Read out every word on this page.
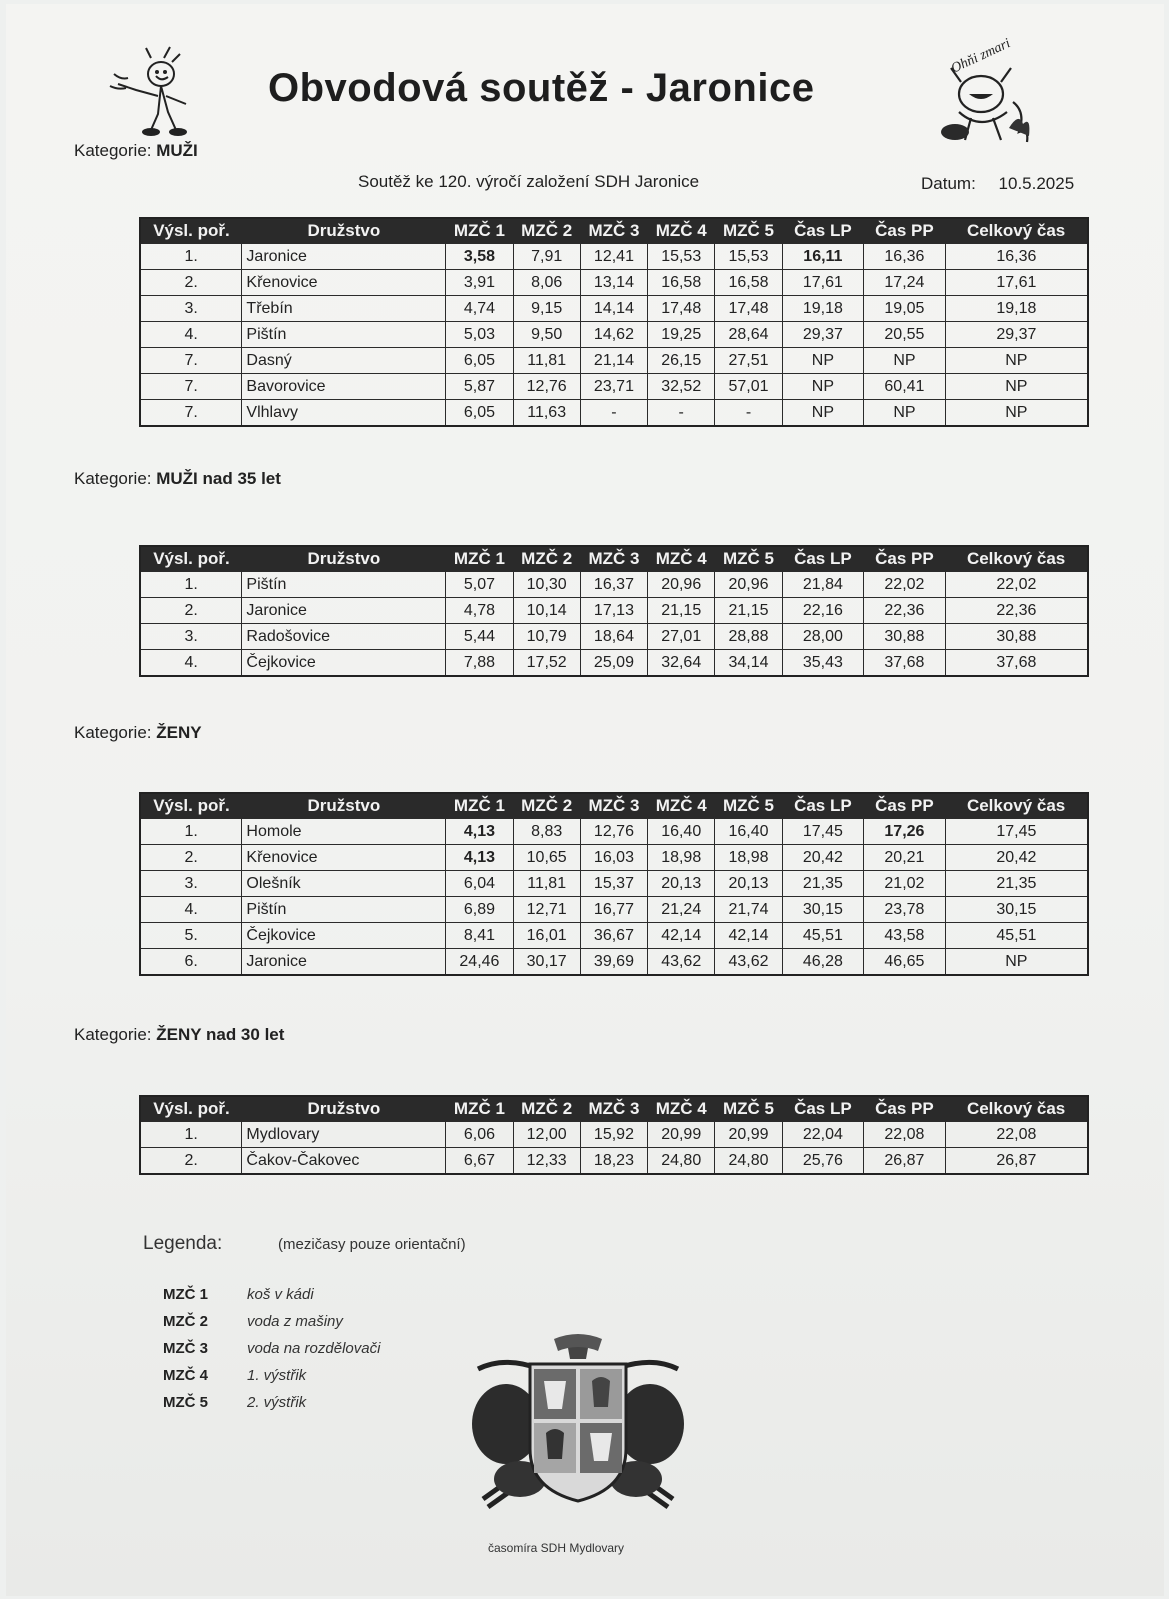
Ohňi zmari
Obvodová soutěž - Jaronice
Kategorie: MUŽI
Soutěž ke 120. výročí založení SDH Jaronice	Datum: 10.5.2025
Výsl. poř.	Družstvo	MZČ 1	MZČ 2	MZČ 3	MZČ 4	MZČ 5	Čas LP	Čas PP	Celkový čas
1.	Jaronice	3,58	7,91	12,41	15,53	15,53	16,11	16,36	16,36
2.	Křenovice	3,91	8,06	13,14	16,58	16,58	17,61	17,24	17,61
3.	Třebín	4,74	9,15	14,14	17,48	17,48	19,18	19,05	19,18
4.	Pištín	5,03	9,50	14,62	19,25	28,64	29,37	20,55	29,37
7.	Dasný	6,05	11,81	21,14	26,15	27,51	NP	NP	NP
7.	Bavorovice	5,87	12,76	23,71	32,52	57,01	NP	60,41	NP
7.	Vlhlavy	6,05	11,63	-	-	-	NP	NP	NP
Kategorie: MUŽI nad 35 let
Výsl. poř.	Družstvo	MZČ 1	MZČ 2	MZČ 3	MZČ 4	MZČ 5	Čas LP	Čas PP	Celkový čas
1.	Pištín	5,07	10,30	16,37	20,96	20,96	21,84	22,02	22,02
2.	Jaronice	4,78	10,14	17,13	21,15	21,15	22,16	22,36	22,36
3.	Radošovice	5,44	10,79	18,64	27,01	28,88	28,00	30,88	30,88
4.	Čejkovice	7,88	17,52	25,09	32,64	34,14	35,43	37,68	37,68
Kategorie: ŽENY
Výsl. poř.	Družstvo	MZČ 1	MZČ 2	MZČ 3	MZČ 4	MZČ 5	Čas LP	Čas PP	Celkový čas
1.	Homole	4,13	8,83	12,76	16,40	16,40	17,45	17,26	17,45
2.	Křenovice	4,13	10,65	16,03	18,98	18,98	20,42	20,21	20,42
3.	Olešník	6,04	11,81	15,37	20,13	20,13	21,35	21,02	21,35
4.	Pištín	6,89	12,71	16,77	21,24	21,74	30,15	23,78	30,15
5.	Čejkovice	8,41	16,01	36,67	42,14	42,14	45,51	43,58	45,51
6.	Jaronice	24,46	30,17	39,69	43,62	43,62	46,28	46,65	NP
Kategorie: ŽENY nad 30 let
Výsl. poř.	Družstvo	MZČ 1	MZČ 2	MZČ 3	MZČ 4	MZČ 5	Čas LP	Čas PP	Celkový čas
1.	Mydlovary	6,06	12,00	15,92	20,99	20,99	22,04	22,08	22,08
2.	Čakov-Čakovec	6,67	12,33	18,23	24,80	24,80	25,76	26,87	26,87
Legenda:	(mezičasy pouze orientační)
MZČ 1	koš v kádi
MZČ 2	voda z mašiny
MZČ 3	voda na rozdělovači
MZČ 4	1. výstřik
MZČ 5	2. výstřik
časomíra SDH Mydlovary
